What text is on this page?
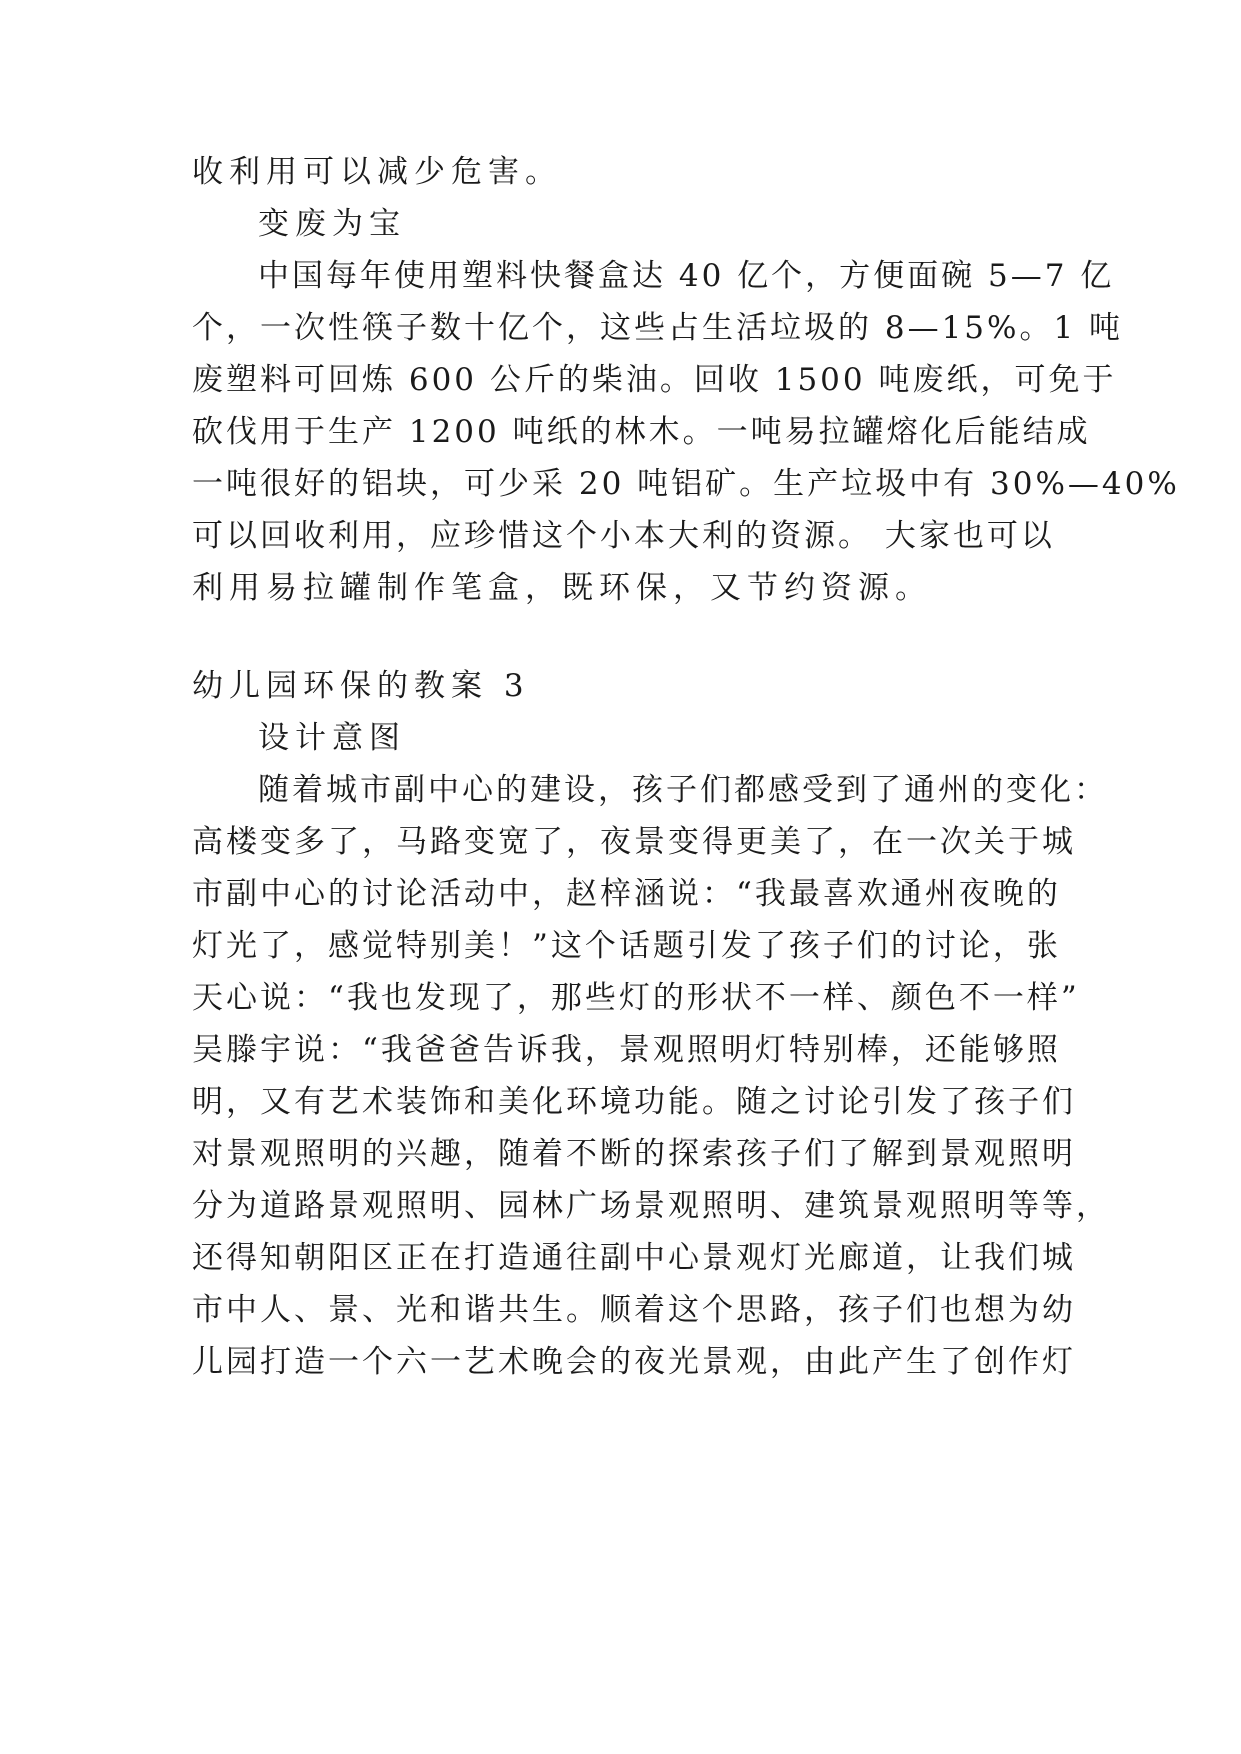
收利用可以减少危害。
变废为宝
中国每年使用塑料快餐盒达 40 亿个，方便面碗 5—7 亿
个，一次性筷子数十亿个，这些占生活垃圾的 8—15%。1 吨
废塑料可回炼 600 公斤的柴油。回收 1500 吨废纸，可免于
砍伐用于生产 1200 吨纸的林木。一吨易拉罐熔化后能结成
一吨很好的铝块，可少采 20 吨铝矿。生产垃圾中有 30%—40%
可以回收利用，应珍惜这个小本大利的资源。 大家也可以
利用易拉罐制作笔盒，既环保，又节约资源。
幼儿园环保的教案 3
设计意图
随着城市副中心的建设，孩子们都感受到了通州的变化：
高楼变多了，马路变宽了，夜景变得更美了，在一次关于城
市副中心的讨论活动中，赵梓涵说：“我最喜欢通州夜晚的
灯光了，感觉特别美！”这个话题引发了孩子们的讨论，张
天心说：“我也发现了，那些灯的形状不一样、颜色不一样”
吴滕宇说：“我爸爸告诉我，景观照明灯特别棒，还能够照
明，又有艺术装饰和美化环境功能。随之讨论引发了孩子们
对景观照明的兴趣，随着不断的探索孩子们了解到景观照明
分为道路景观照明、园林广场景观照明、建筑景观照明等等，
还得知朝阳区正在打造通往副中心景观灯光廊道，让我们城
市中人、景、光和谐共生。顺着这个思路，孩子们也想为幼
儿园打造一个六一艺术晚会的夜光景观，由此产生了创作灯
